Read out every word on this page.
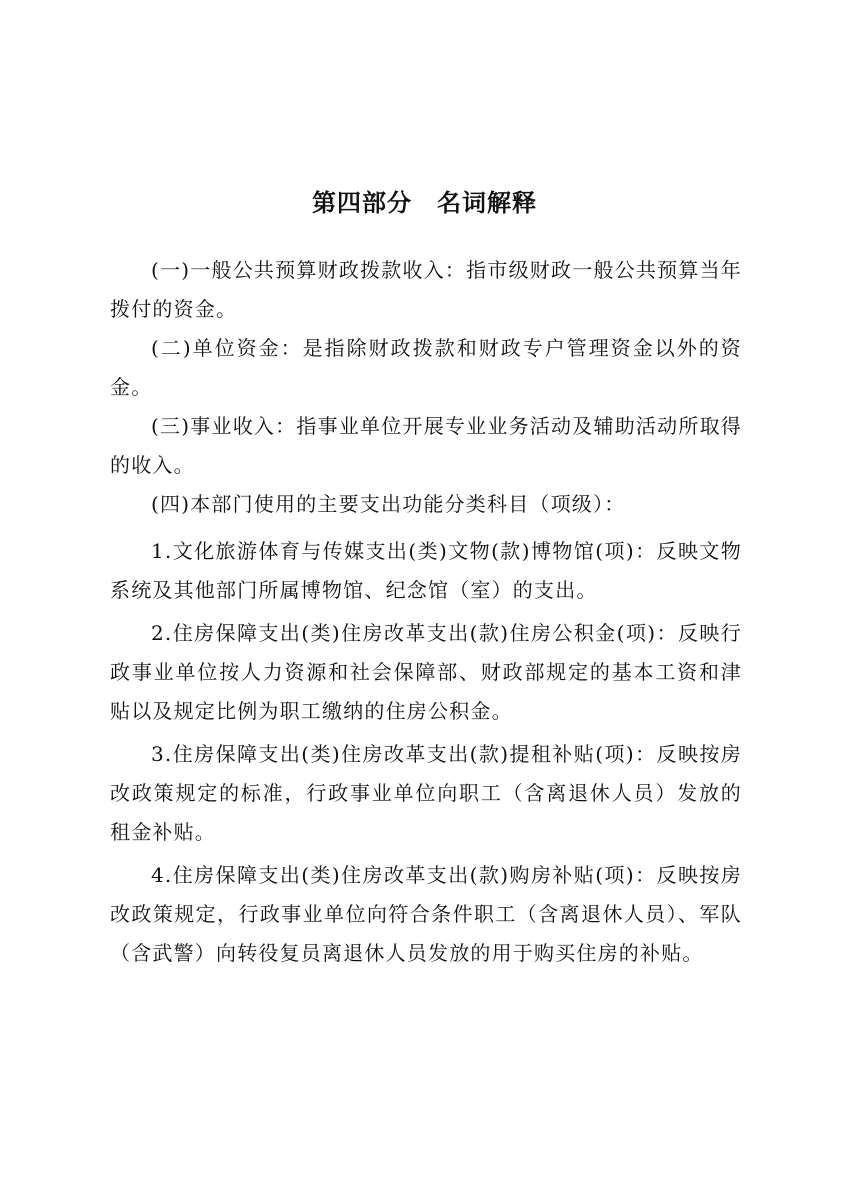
第四部分　名词解释

(一)一般公共预算财政拨款收入：指市级财政一般公共预算当年拨付的资金。

(二)单位资金：是指除财政拨款和财政专户管理资金以外的资金。

(三)事业收入：指事业单位开展专业业务活动及辅助活动所取得的收入。

(四)本部门使用的主要支出功能分类科目（项级）：

1.文化旅游体育与传媒支出(类)文物(款)博物馆(项)：反映文物系统及其他部门所属博物馆、纪念馆（室）的支出。

2.住房保障支出(类)住房改革支出(款)住房公积金(项)：反映行政事业单位按人力资源和社会保障部、财政部规定的基本工资和津贴以及规定比例为职工缴纳的住房公积金。

3.住房保障支出(类)住房改革支出(款)提租补贴(项)：反映按房改政策规定的标准，行政事业单位向职工（含离退休人员）发放的租金补贴。

4.住房保障支出(类)住房改革支出(款)购房补贴(项)：反映按房改政策规定，行政事业单位向符合条件职工（含离退休人员）、军队（含武警）向转役复员离退休人员发放的用于购买住房的补贴。
